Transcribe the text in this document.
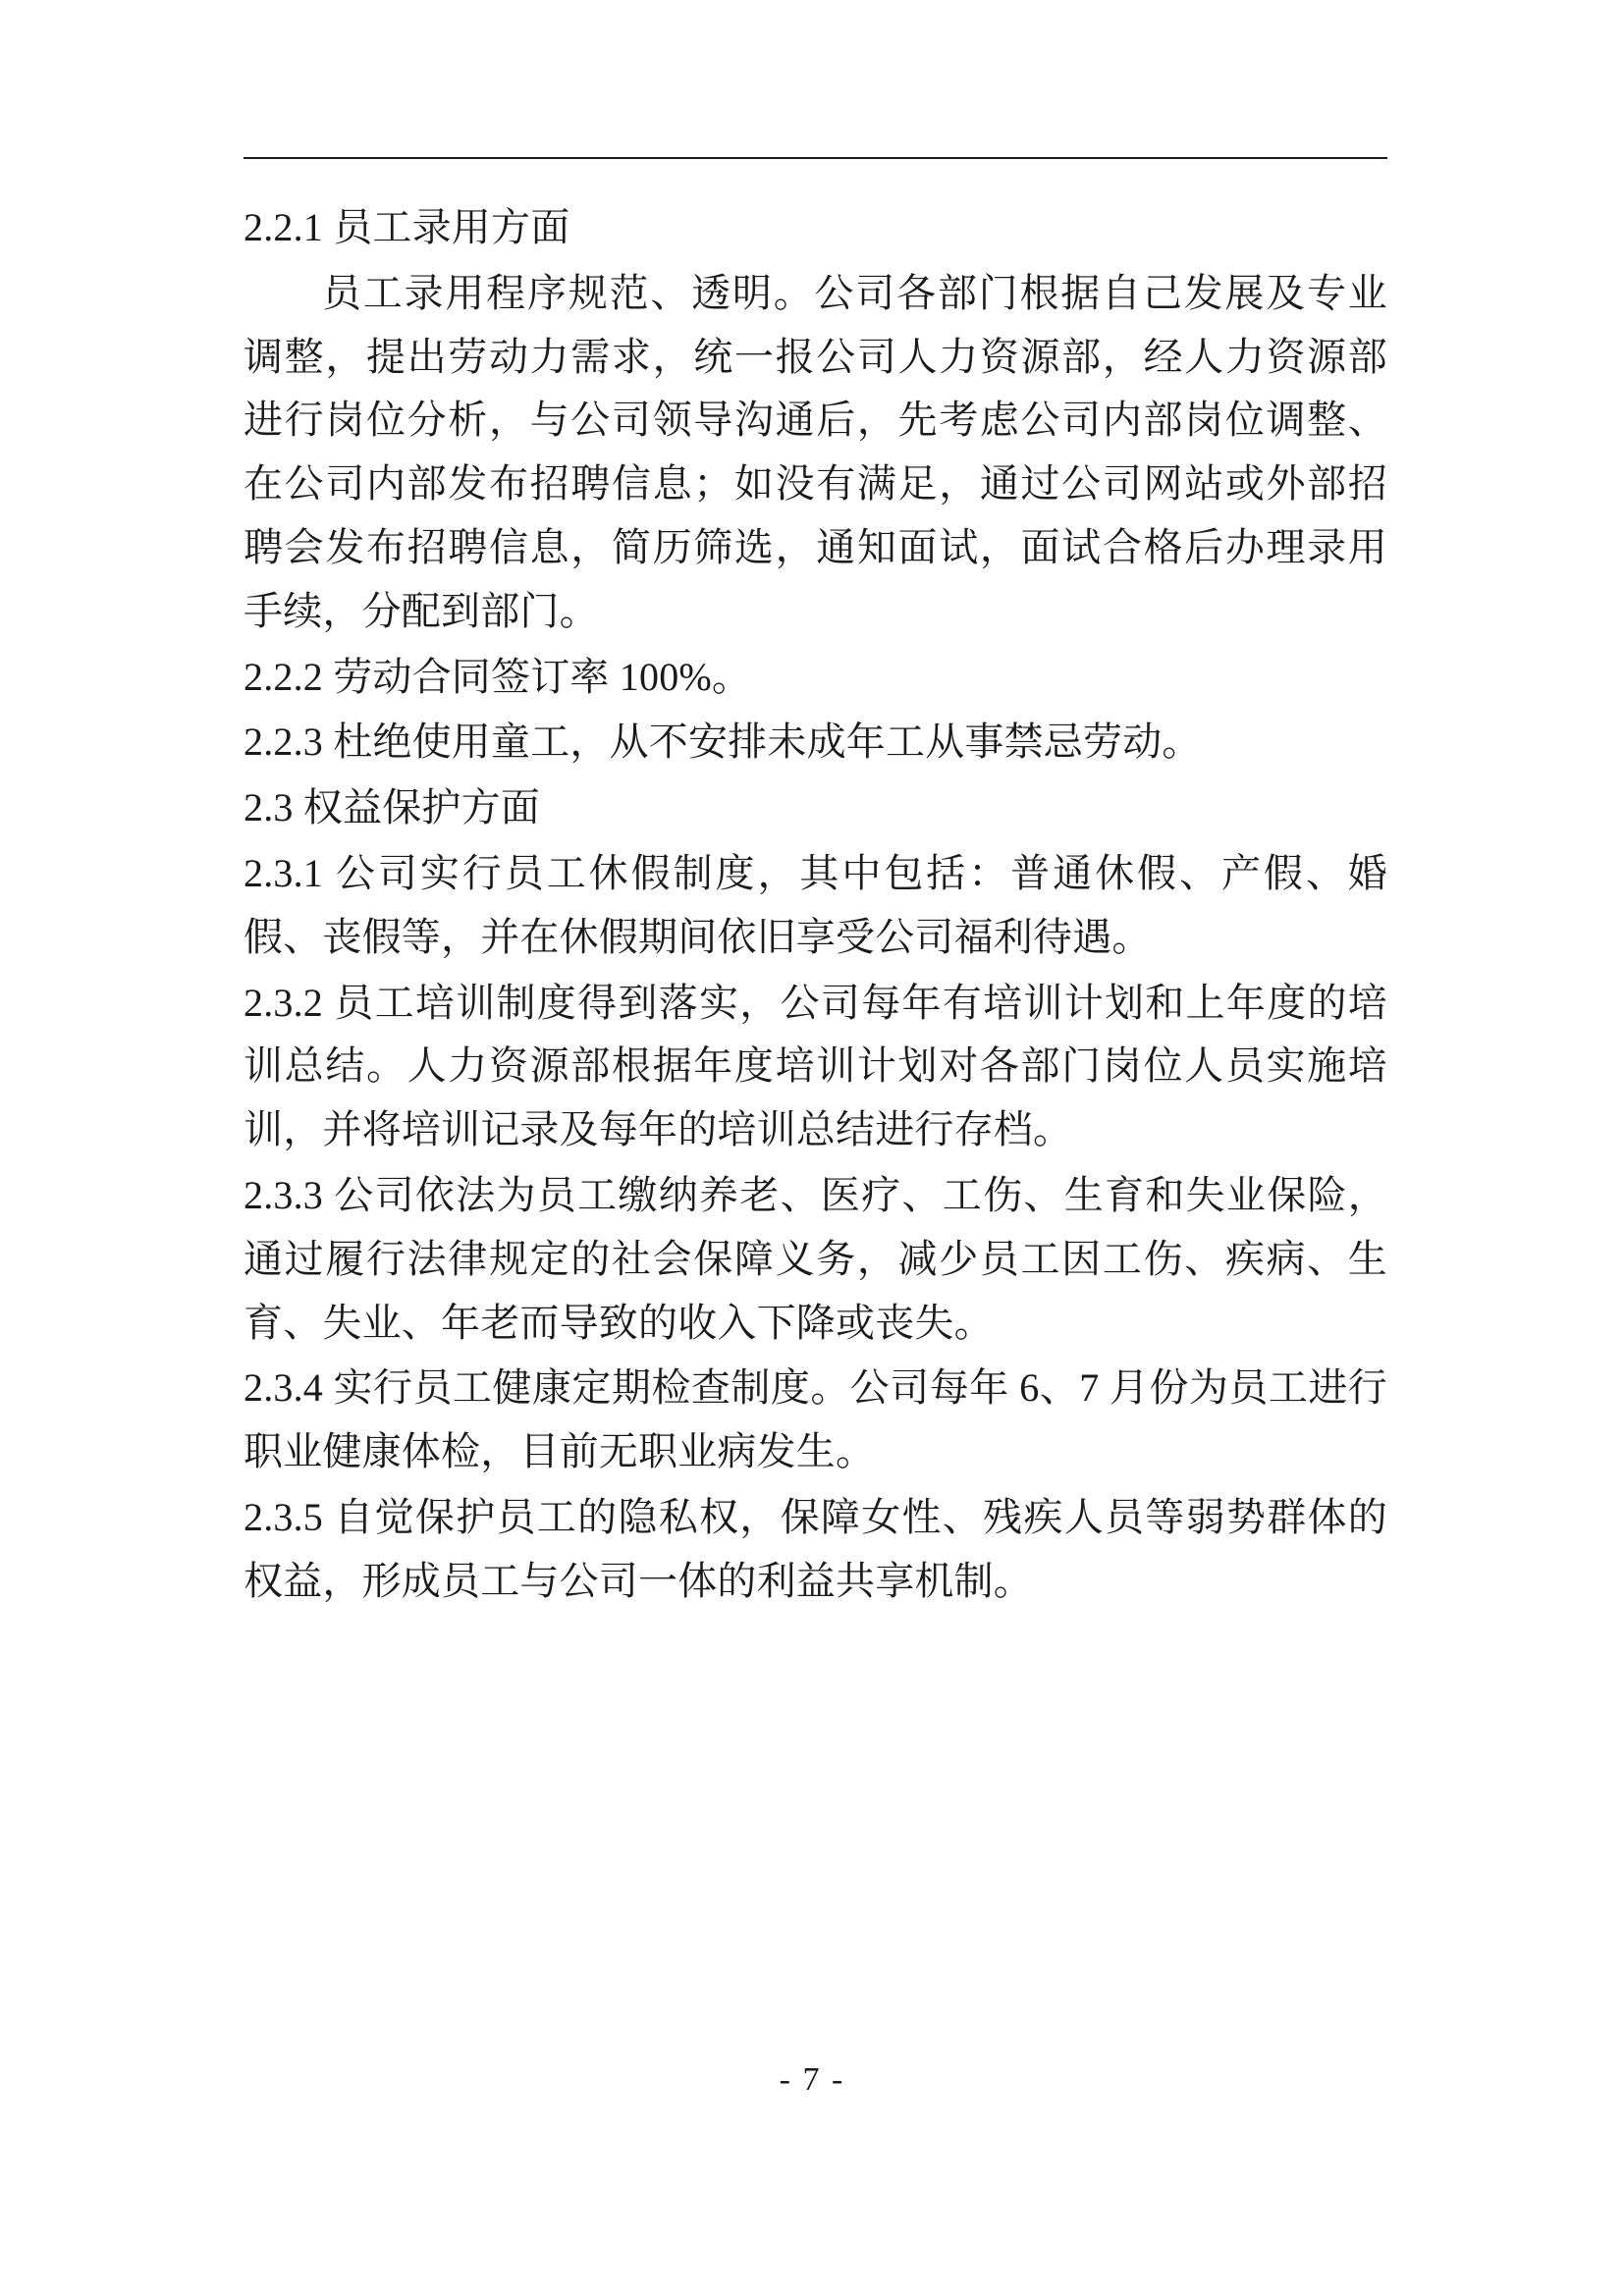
2.2.1 员工录用方面

员工录用程序规范、透明。公司各部门根据自己发展及专业调整，提出劳动力需求，统一报公司人力资源部，经人力资源部进行岗位分析，与公司领导沟通后，先考虑公司内部岗位调整、在公司内部发布招聘信息；如没有满足，通过公司网站或外部招聘会发布招聘信息，简历筛选，通知面试，面试合格后办理录用手续，分配到部门。

2.2.2 劳动合同签订率 100%。

2.2.3 杜绝使用童工，从不安排未成年工从事禁忌劳动。

2.3 权益保护方面

2.3.1 公司实行员工休假制度，其中包括：普通休假、产假、婚假、丧假等，并在休假期间依旧享受公司福利待遇。

2.3.2 员工培训制度得到落实，公司每年有培训计划和上年度的培训总结。人力资源部根据年度培训计划对各部门岗位人员实施培训，并将培训记录及每年的培训总结进行存档。

2.3.3 公司依法为员工缴纳养老、医疗、工伤、生育和失业保险，通过履行法律规定的社会保障义务，减少员工因工伤、疾病、生育、失业、年老而导致的收入下降或丧失。

2.3.4 实行员工健康定期检查制度。公司每年 6、7 月份为员工进行职业健康体检，目前无职业病发生。

2.3.5 自觉保护员工的隐私权，保障女性、残疾人员等弱势群体的权益，形成员工与公司一体的利益共享机制。

- 7 -
